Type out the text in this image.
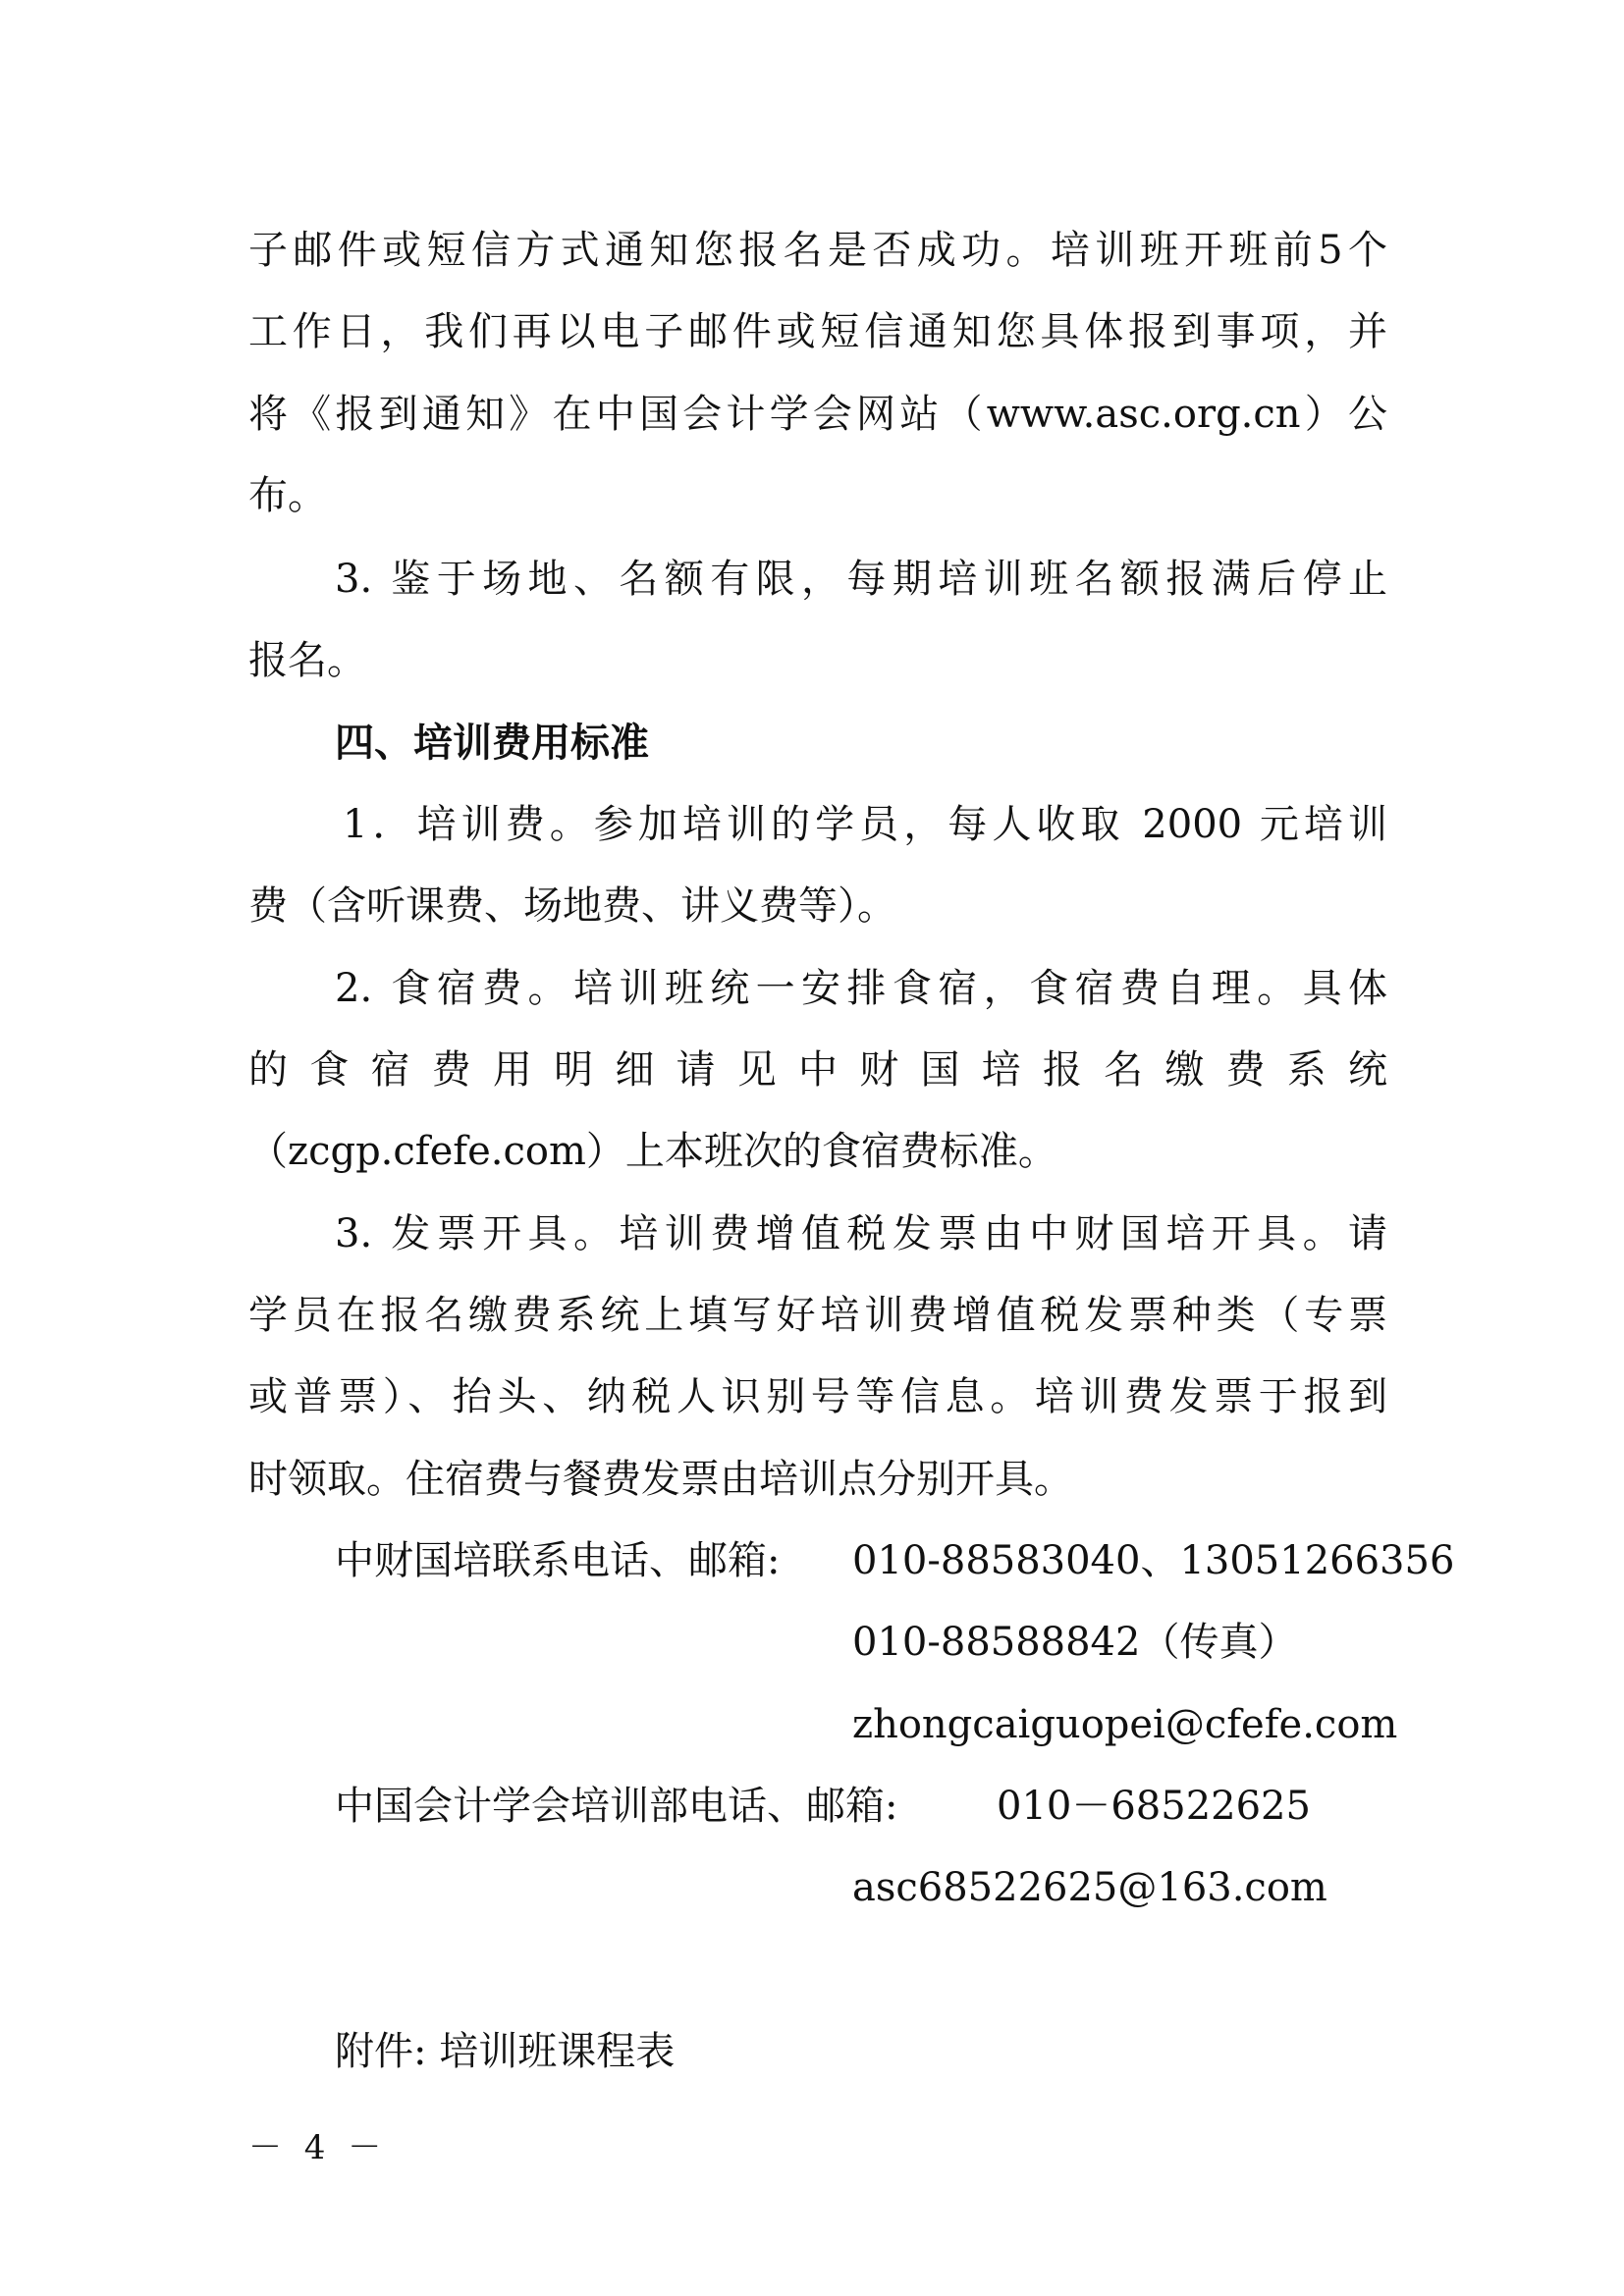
子邮件或短信方式通知您报名是否成功。培训班开班前5个
工作日，我们再以电子邮件或短信通知您具体报到事项，并
将《报到通知》在中国会计学会网站（www.asc.org.cn）公
布。
3. 鉴于场地、名额有限，每期培训班名额报满后停止
报名。
四、培训费用标准
1．培训费。参加培训的学员，每人收取 2000 元培训
费（含听课费、场地费、讲义费等）。
2. 食宿费。培训班统一安排食宿，食宿费自理。具体
的食宿费用明细请见中财国培报名缴费系统
（zcgp.cfefe.com）上本班次的食宿费标准。
3. 发票开具。培训费增值税发票由中财国培开具。请
学员在报名缴费系统上填写好培训费增值税发票种类（专票
或普票）、抬头、纳税人识别号等信息。培训费发票于报到
时领取。住宿费与餐费发票由培训点分别开具。
中财国培联系电话、邮箱: 010-88583040、13051266356
010-88588842（传真）
zhongcaiguopei@cfefe.com
中国会计学会培训部电话、邮箱:	010－68522625
asc68522625@163.com
附件: 培训班课程表
－ 4 －
